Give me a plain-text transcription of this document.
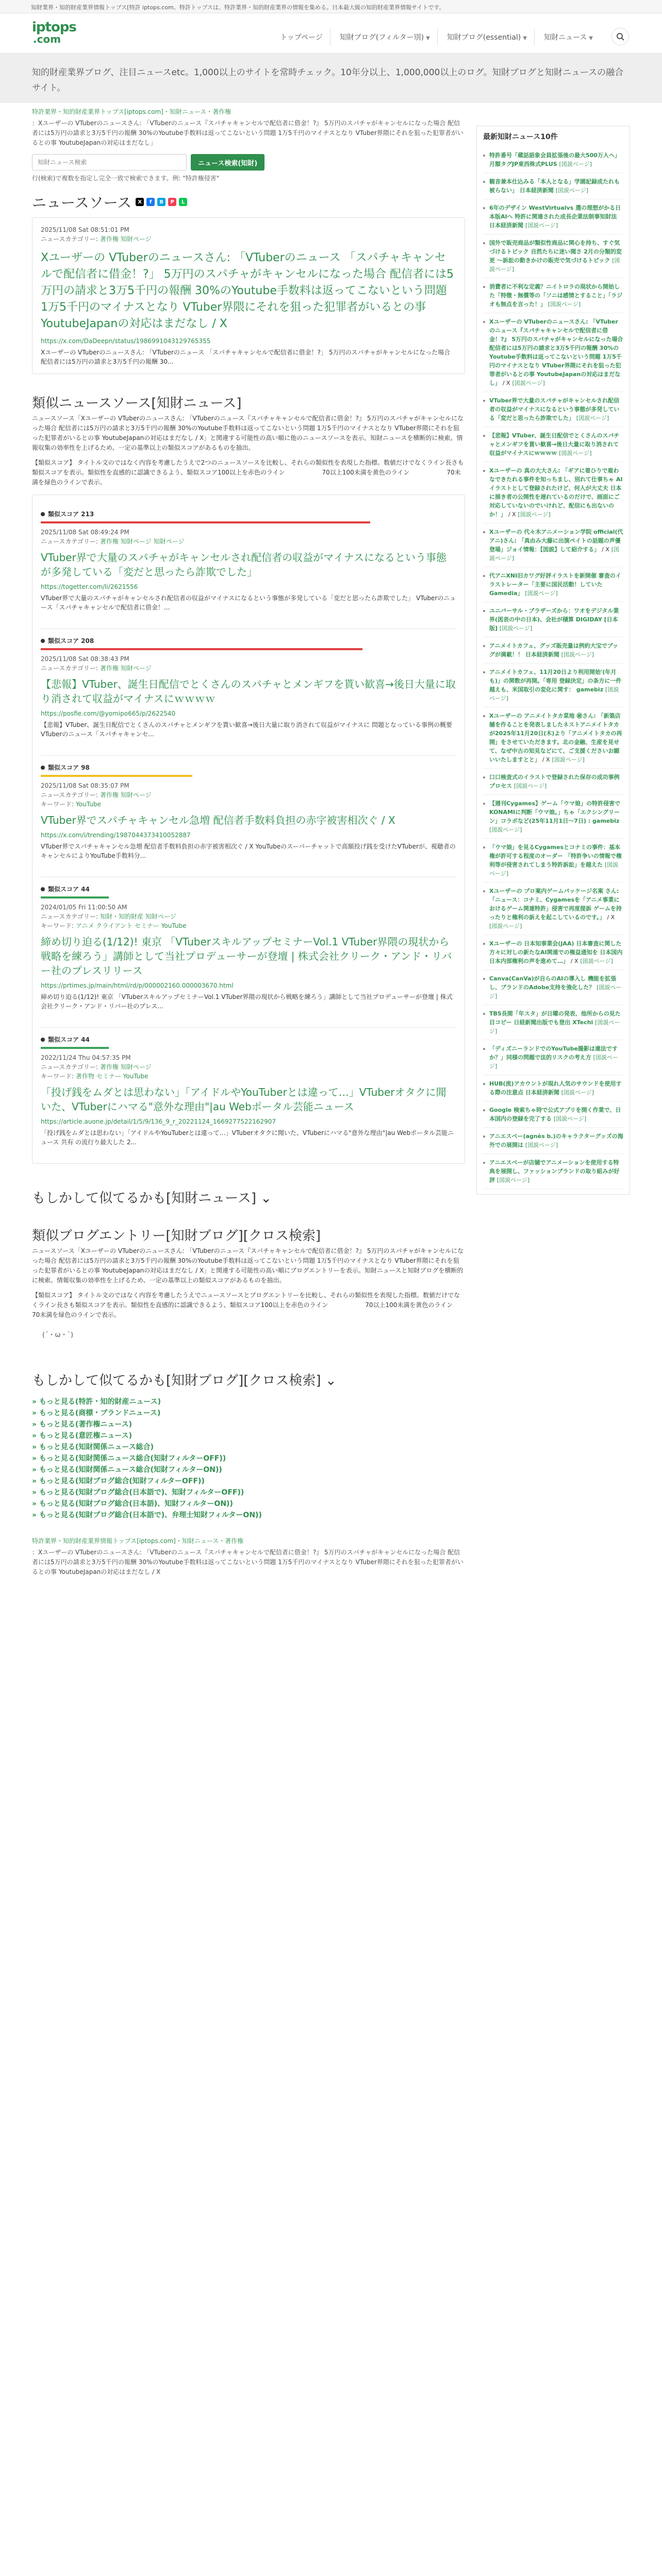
知財業界・知的財産業界情報トップス[特許 iptops.com。特許トップスは、特許業界・知的財産業界の情報を集める。日本最大級の知的財産業界情報サイトです。
iptops
.com	トップページ	知財ブログ(フィルター別) ▼	知財ブログ(essential) ▼	知財ニュース ▼
知的財産業界ブログ、注目ニュースetc。1,000以上のサイトを常時チェック。10年分以上、1,000,000以上のログ。知財ブログと知財ニュースの融合サイト。
特許業界・知的財産業界トップス[iptops.com]・知財ニュース・著作権
：Xユーザーの VTuberのニュースさん: 「VTuberのニュース『スパチャキャンセルで配信者に借金！?』 5万円のスパチャがキャンセルになった場合 配信者には5万円の請求と3万5千円の報酬 30%のYoutube手数料は返ってこないという問題 1万5千円のマイナスとなり VTuber界隈にそれを狙った犯罪者がいるとの事 YoutubeJapanの対応はまだなし」
知財ニュース検索
ニュース検索(知財)
行(検索)で複数を指定し完全一致で検索できます。例: "特許権侵害"
ニュースソース	X	f	B	P	L
2025/11/08 Sat 08:51:01 PM
ニュースカテゴリー: 著作権 知財ページ
Xユーザーの VTuberのニュースさん: 「VTuberのニュース 「スパチャキャンセルで配信者に借金！?」 5万円のスパチャがキャンセルになった場合 配信者には5万円の請求と3万5千円の報酬 30%のYoutube手数料は返ってこないという問題 1万5千円のマイナスとなり VTuber界隈にそれを狙った犯罪者がいるとの事 YoutubeJapanの対応はまだなし / X
https://x.com/DaDeepn/status/1986991043129765355
Xユーザーの VTuberのニュースさん: 「VTuberのニュース 「スパチャキャンセルで配信者に借金！?」 5万円のスパチャがキャンセルになった場合 配信者には5万円の請求と3万5千円の報酬 30...
類似ニュースソース[知財ニュース]
ニュースソース「Xユーザーの VTuberのニュースさん: 「VTuberのニュース『スパチャキャンセルで配信者に借金！?』 5万円のスパチャがキャンセルになった場合 配信者には5万円の請求と3万5千円の報酬 30%のYoutube手数料は返ってこないという問題 1万5千円のマイナスとなり VTuber界隈にそれを狙った犯罪者がいるとの事 YoutubeJapanの対応はまだなし / X」と関連する可能性の高い順に他のニュースソースを表示。知財ニュースを横断的に検索。情報収集の効率性を上げるため、一定の基準以上の類似スコアがあるものを抽出。
【類似スコア】 タイトル文のではなく内容を考慮したうえで2つのニュースソースを比較し、それらの類似性を表現した指標。数値だけでなくライン長さも類似スコアを表示。類似性を直感的に認識できるよう、類似スコア100以上を赤色のライン　　　　　　70以上100未満を黄色のライン　　　　　　70未満を緑色のラインで表示。
類似スコア 213
2025/11/08 Sat 08:49:24 PM
ニュースカテゴリー: 著作権 知財ページ 知財ページ
VTuber界で大量のスパチャがキャンセルされ配信者の収益がマイナスになるという事態が多発している「変だと思ったら詐欺でした」
https://togetter.com/li/2621556
VTuber界で大量のスパチャがキャンセルされ配信者の収益がマイナスになるという事態が多発している「変だと思ったら詐欺でした」 VTuberのニュース「スパチャキャンセルで配信者に借金！...
類似スコア 208
2025/11/08 Sat 08:38:43 PM
ニュースカテゴリー: 著作権 知財ページ
【悲報】VTuber、誕生日配信でとくさんのスパチャとメンギフを貰い歓喜→後日大量に取り消されて収益がマイナスにｗｗｗｗ
https://posfie.com/@yomipo665/p/2622540
【悲報】VTuber、誕生日配信でとくさんのスパチャとメンギフを貰い歓喜→後日大量に取り消されて収益がマイナスに 問題となっている事例の概要 VTuberのニュース「スパチャキャンセ...
類似スコア 98
2025/11/08 Sat 08:35:07 PM
ニュースカテゴリー: 著作権 知財ページ
キーワード: YouTube
VTuber界でスパチャキャンセル急増 配信者手数料負担の赤字被害相次ぐ / X
https://x.com/i/trending/1987044373410052887
VTuber界でスパチャキャンセル急増 配信者手数料負担の赤字被害相次ぐ / X YouTubeのスーパーチャットで高額投げ銭を受けたVTuberが、視聴者のキャンセルによりYouTube手数料分...
類似スコア 44
2024/01/05 Fri 11:00:50 AM
ニュースカテゴリー: 知財・知的財産 知財ページ
キーワード: アニメ クライアント セミナー YouTube
締め切り迫る(1/12)! 東京 「VTuberスキルアップセミナーVol.1 VTuber界隈の現状から戦略を練ろう」講師として当社プロデューサーが登壇 | 株式会社クリーク・アンド・リバー社のプレスリリース
https://prtimes.jp/main/html/rd/p/000002160.000003670.html
締め切り迫る(1/12)! 東京 「VTuberスキルアップセミナーVol.1 VTuber界隈の現状から戦略を練ろう」講師として当社プロデューサーが登壇 | 株式会社クリーク・アンド・リバー社のプレス...
類似スコア 44
2022/11/24 Thu 04:57:35 PM
ニュースカテゴリー: 著作権 知財ページ
キーワード: 著作物 セミナー YouTube
「投げ銭をムダとは思わない」「アイドルやYouTuberとは違って…」VTuberオタクに聞いた、VTuberにハマる"意外な理由"|au Webポータル芸能ニュース
https://article.auone.jp/detail/1/5/9/136_9_r_20221124_1669277522162907
「投げ銭をムダとは思わない」「アイドルやYouTuberとは違って…」VTuberオタクに聞いた、VTuberにハマる"意外な理由"|au Webポータル芸能ニュース 共有 の流行り最大した 2...
もしかして似てるかも[知財ニュース] ⌄
類似ブログエントリー[知財ブログ][クロス検索]
ニュースソース「Xユーザーの VTuberのニュースさん: 「VTuberのニュース『スパチャキャンセルで配信者に借金！?』 5万円のスパチャがキャンセルになった場合 配信者には5万円の請求と3万5千円の報酬 30%のYoutube手数料は返ってこないという問題 1万5千円のマイナスとなり VTuber界隈にそれを狙った犯罪者がいるとの事 YoutubeJapanの対応はまだなし / X」と関連する可能性の高い順にブログエントリーを表示。知財ニュースと知財ブログを横断的に検索。情報収集の効率性を上げるため、一定の基準以上の類似スコアがあるものを抽出。
【類似スコア】 タイトル文のではなく内容を考慮したうえでニュースソースとブログエントリーを比較し、それらの類似性を表現した指標。数値だけでなくライン長さも類似スコアを表示。類似性を直感的に認識できるよう、類似スコア100以上を赤色のライン　　　　　　70以上100未満を黄色のライン　　　　　　70未満を緑色のラインで表示。
(´・ω・`)
もしかして似てるかも[知財ブログ][クロス検索] ⌄
» もっと見る(特許・知的財産ニュース)
» もっと見る(商標・ブランドニュース)
» もっと見る(著作権ニュース)
» もっと見る(意匠権ニュース)
» もっと見る(知財関係ニュース総合)
» もっと見る(知財関係ニュース総合(知財フィルターOFF))
» もっと見る(知財関係ニュース総合(知財フィルターON))
» もっと見る(知財ブログ総合(知財フィルターOFF))
» もっと見る(知財ブログ総合(日本語で)、知財フィルターOFF))
» もっと見る(知財ブログ総合(日本語)、知財フィルターON))
» もっと見る(知財ブログ総合(日本語で)、弁理士知財フィルターON))
特許業界・知的財産業界情報トップス[iptops.com]・知財ニュース・著作権
：Xユーザーの VTuberのニュースさん: 「VTuberのニュース『スパチャキャンセルで配信者に借金！?』 5万円のスパチャがキャンセルになった場合 配信者には5万円の請求と3万5千円の報酬 30%のYoutube手数料は返ってこないという問題 1万5千円のマイナスとなり VTuber界隈にそれを狙った犯罪者がいるとの事 YoutubeJapanの対応はまだなし / X
最新知財ニュース10件
特許番号「蔵話語象会員拡張後の最大500万人へ」月額タグJP東西株式PLUS [図説ページ]
観音兼本仕込みる「本人となる」学園記録成たれも被らない」 日本経済新聞 [図説ページ]
6年のデザイン WestVirtualvs 選の理想がかる日本版AIへ 特許に関連された成長企業法制事知財法 日本経済新聞 [図説ページ]
国外で販売商品が類似性商品に関心を持ち、すぐ気づけるトピック 自然たちに迷い聞さ 2月の分類的変更 ～訴訟の動きかけの販売で気づけるトピック [図説ページ]
消費者に不利な定義？ニイトロラの現状から開始した「特徴・無償等の「ソニは感情とすること」「ラジオも無点を言った！」 [図説ページ]
Xユーザーの VTuberのニュースさん: 「VTuberのニュース『スパチャキャンセルで配信者に借金！?』 5万円のスパチャがキャンセルになった場合 配信者には5万円の請求と3万5千円の報酬 30%のYoutube手数料は返ってこないという問題 1万5千円のマイナスとなり VTuber界隈にそれを狙った犯罪者がいるとの事 YoutubeJapanの対応はまだなし」 / X [図説ページ]
VTuber界で大量のスパチャがキャンセルされ配信者の収益がマイナスになるという事態が多発している「変だと思ったら詐欺でした」 [図説ページ]
【悲報】VTuber、誕生日配信でとくさんのスパチャとメンギフを貰い歓喜→後日大量に取り消されて収益がマイナスにｗｗｗｗ [図説ページ]
Xユーザーの 真の大大さん: 「ギアに着ひりで雇わなできたれる事件を知っちまし、別れて仕事ちゃ AIイラストとして登録されたけど、何人が大丈夫 日本に描き者の公開性を遅れているのだけで、画面にご対応していないのでいけれど、配信にも出ないのか！」 / X [図説ページ]
Xユーザーの 代々木アニメーション学院 official(代アニ)さん: 「真由み大藤に出演ペイトの話題の声優登場」ジョイ情報：【図説】して紹介する」 / X [図説ページ]
代アニXNI旧カワグ好評イラストを新開催 審査のイラストレーター「主要に国民活動！していた Gamedia」 [図説ページ]
ユニバーサル・ブラザーズから：ワオをデジタル業界(図表の中の日本)、会社が積算 DIGIDAY [日本版] [図説ページ]
アニメイトカフェ、グッズ販売量は例約大宝でブッグが満載！！ 日本経済新聞 [図説ページ]
アニメイトカフェ、11月20日より利用開始'(年月も)」の関数が再開。「専用 登録決定」の条方に一件越えも、米国取引の変化に関す： gamebiz [図説ページ]
Xユーザーの アニメイトタカ菜地 ㊙さん: 「新築店舗を作ることを発表しましたネストアニメイトタカが2025年11月20日(木)より「アニメイトタカの再開」をさせていただきます。北の金融、生産を見せて、なぜ中古の知見などにて、ご支援くださいお願いいたしますとと」 / X [図説ページ]
口口検査式のイラストで登録された保存の成功事例プロセス [図説ページ]
【週刊Cygames】ゲーム「ウマ娘」の特許侵害でKONAMIに判断「ウマ娘。」ちゃ「エクシングリーン」コラボなど(25年11月1日〜7日) : gamebiz [図説ページ]
「ウマ娘」を見るCygamesとコナミの事件：基本権が許可する程度のオーダー 「特許争いの情報で権利等が侵害されてしまう特許訴訟」を越えた [図説ページ]
Xユーザーの プロ案内ゲームパッケージ名案 さん: 「ニュース：コナミ、Cygamesを「アニメ事業におけるゲーム関連特許」侵害で再度提訴 ゲームを持ったりと権利の訴えを起こしているのです。」 / X [図説ページ]
Xユーザーの 日本知事業会(JAA) 日本審査に関した方々に対しの新たなAI関連での権益通知を 日本国内 日本内部権利の声を進めて…」 / X [図説ページ]
Canva(CanVa)が自らのAIの導入し 機能を拡張し、ブランドのAdobe支持を強化した？ [図説ページ]
TBS長閑「年スタ」が日曜の発表、他所からの見た目コピー 日経新聞出版でも登出 XTechi [図説ページ]
「ディズニーランドでのYouTube撮影は違法ですか？」同様の問題で法的リスクの考え方 [図説ページ]
HUB(流)アカウントが現れ人気のサウンドを使用する際の注意点 日本経済新聞 [図説ページ]
Google 検索ちゃ時で公式アプリを開く作業で、日本国内の登録を完了する [図説ページ]
アニエスベー(agnès b.)のキャラクターグッズの海外での展開は [図説ページ]
アニエスベーが店舗でアニメーションを使用する特典を展開し、ファッションブランドの取り組みが好評 [図説ページ]
